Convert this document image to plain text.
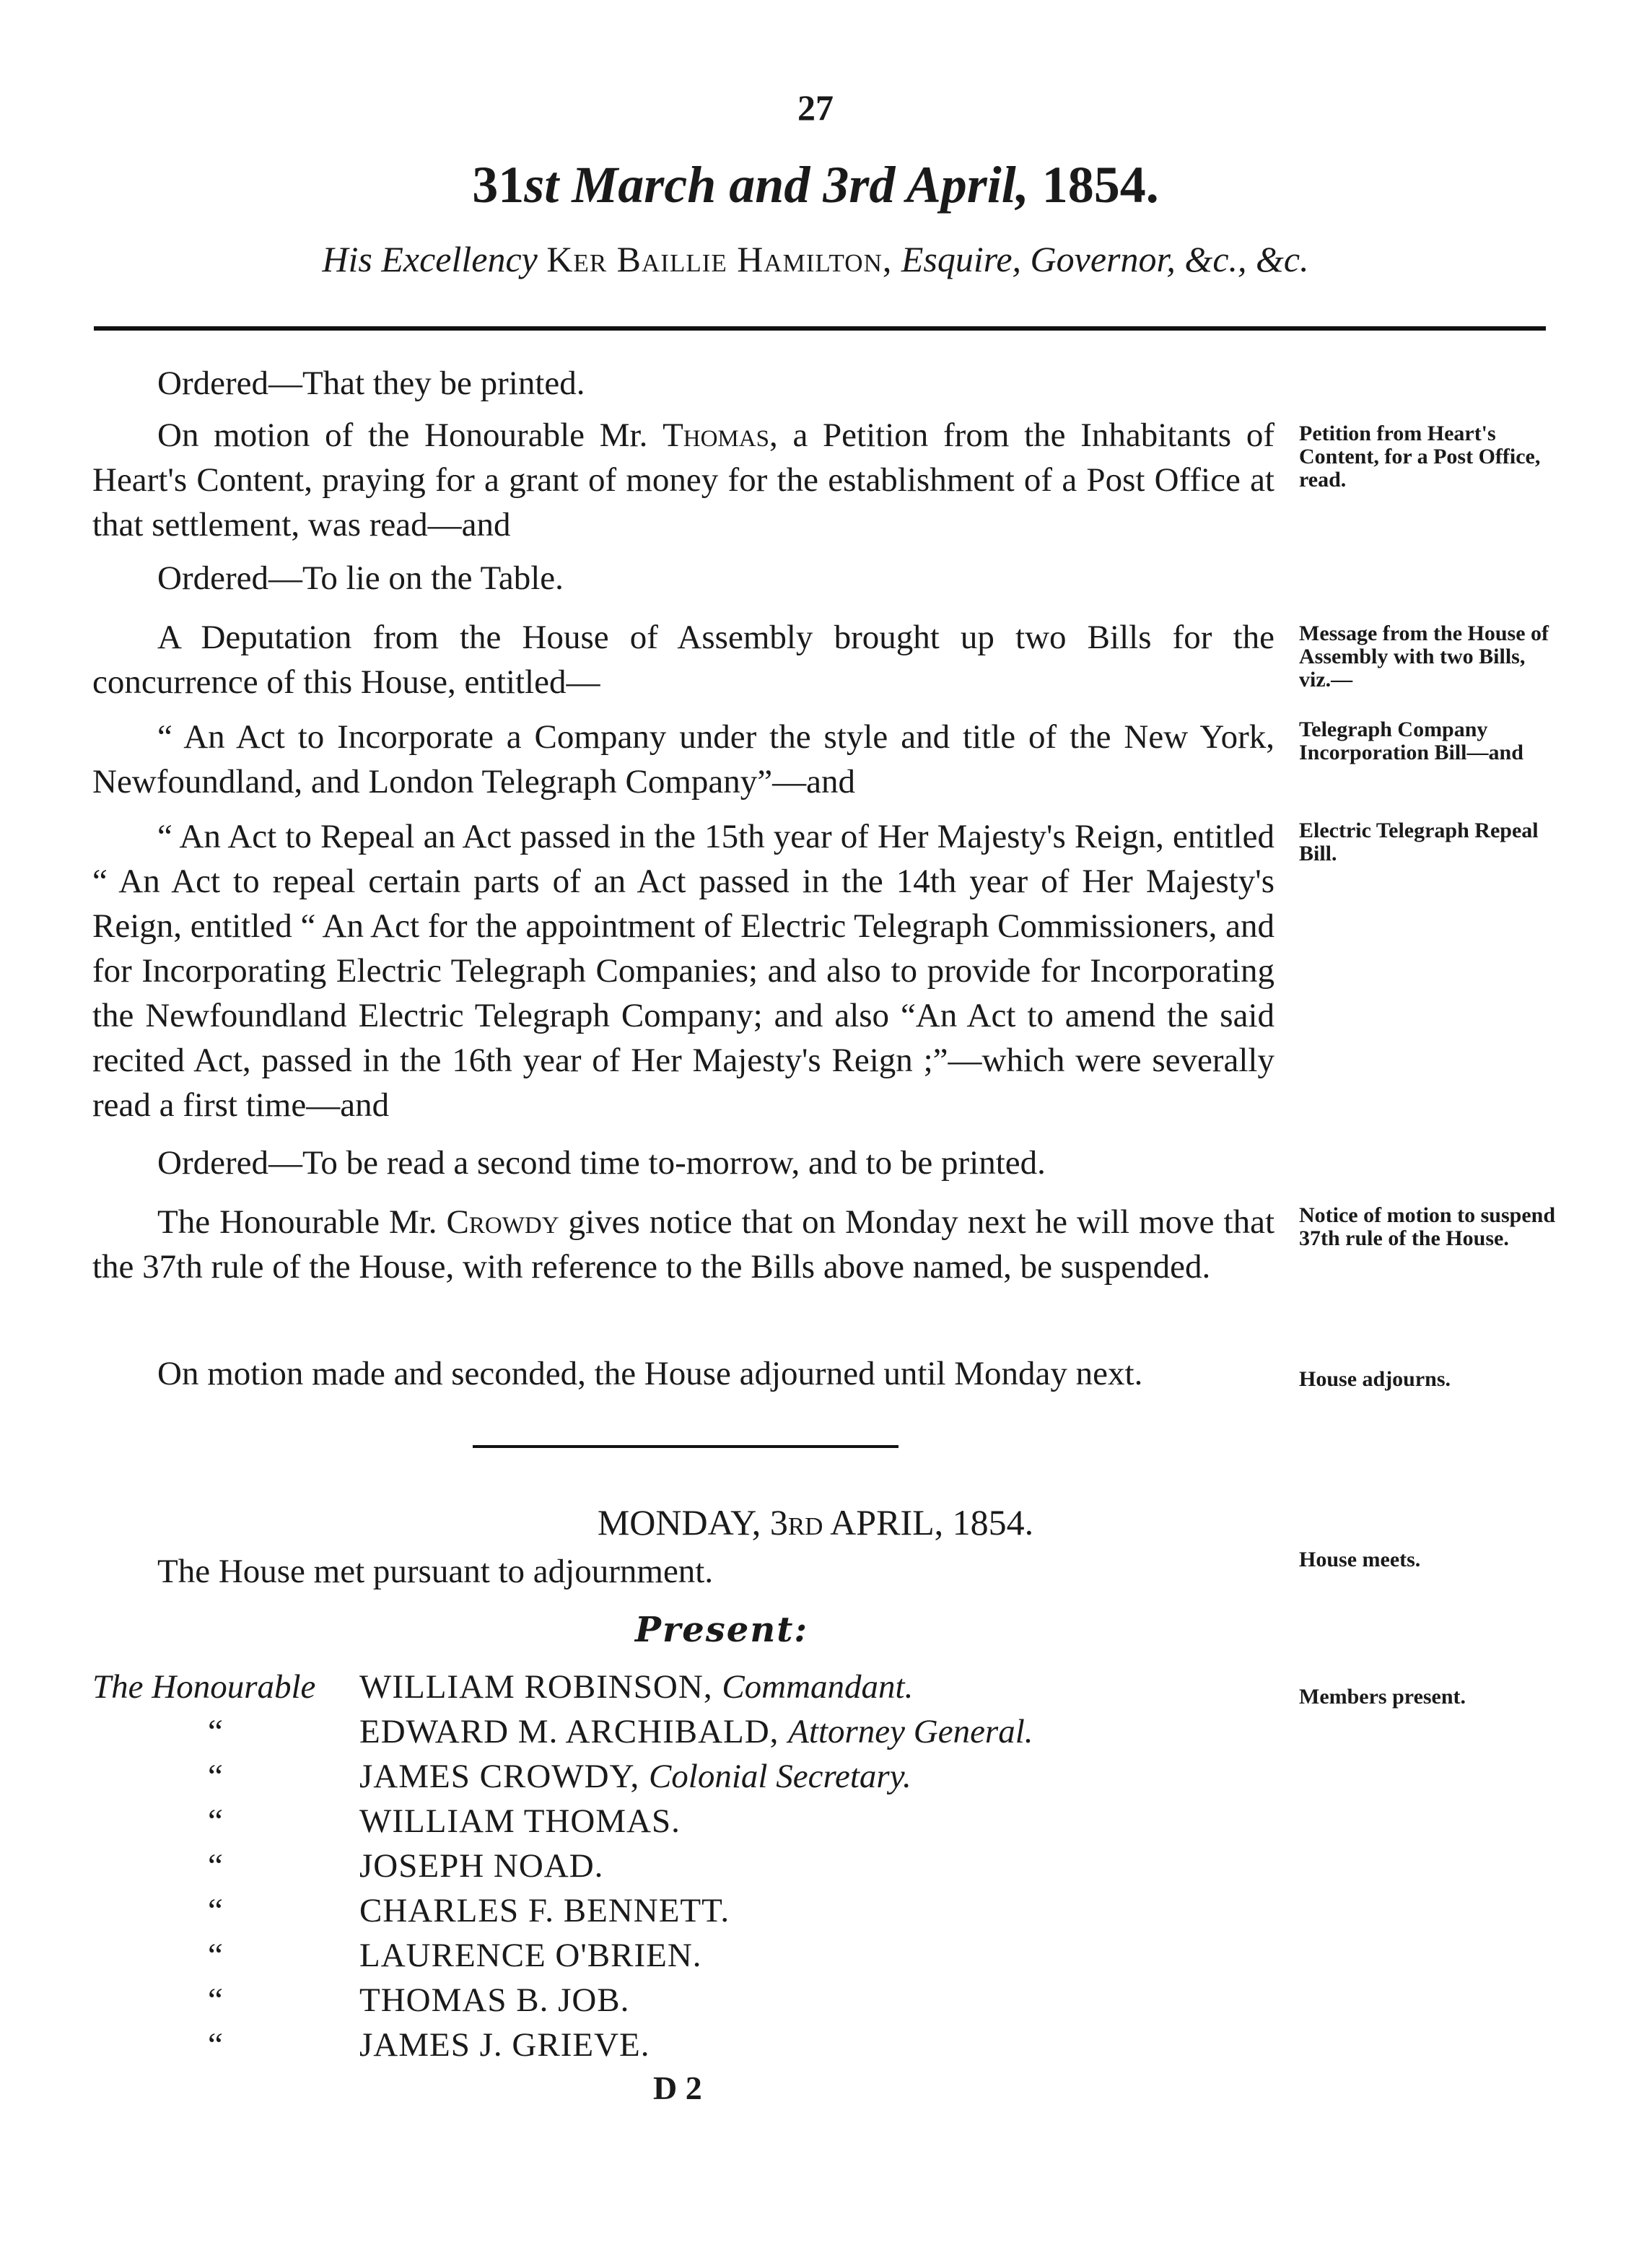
27
31st March and 3rd April, 1854.
His Excellency Ker Baillie Hamilton, Esquire, Governor, &c., &c.

Ordered—That they be printed.

On motion of the Honourable Mr. Thomas, a Petition from the Inhabitants of Heart's Content, praying for a grant of money for the establishment of a Post Office at that settlement, was read—and

Ordered—To lie on the Table.

A Deputation from the House of Assembly brought up two Bills for the concurrence of this House, entitled—

“ An Act to Incorporate a Company under the style and title of the New York, Newfoundland, and London Telegraph Company”—and

“ An Act to Repeal an Act passed in the 15th year of Her Majesty's Reign, entitled “ An Act to repeal certain parts of an Act passed in the 14th year of Her Majesty's Reign, entitled “ An Act for the appointment of Electric Telegraph Commissioners, and for Incorporating Electric Telegraph Companies; and also to provide for Incorporating the Newfoundland Electric Telegraph Company; and also “An Act to amend the said recited Act, passed in the 16th year of Her Majesty's Reign ;”—which were severally read a first time—and

Ordered—To be read a second time to-morrow, and to be printed.

The Honourable Mr. Crowdy gives notice that on Monday next he will move that the 37th rule of the House, with reference to the Bills above named, be suspended.

On motion made and seconded, the House adjourned until Monday next.

Petition from Heart's Content, for a Post Office, read.
Message from the House of Assembly with two Bills, viz.—
Telegraph Company Incorporation Bill—and
Electric Telegraph Repeal Bill.
Notice of motion to suspend 37th rule of the House.
House adjourns.
House meets.
Members present.
MONDAY, 3rd APRIL, 1854.
The House met pursuant to adjournment.
Present:
The Honourable WILLIAM ROBINSON, Commandant.
“	EDWARD M. ARCHIBALD, Attorney General.
“	JAMES CROWDY, Colonial Secretary.
“	WILLIAM THOMAS.
“	JOSEPH NOAD.
“	CHARLES F. BENNETT.
“	LAURENCE O'BRIEN.
“	THOMAS B. JOB.
“	JAMES J. GRIEVE.
D 2
